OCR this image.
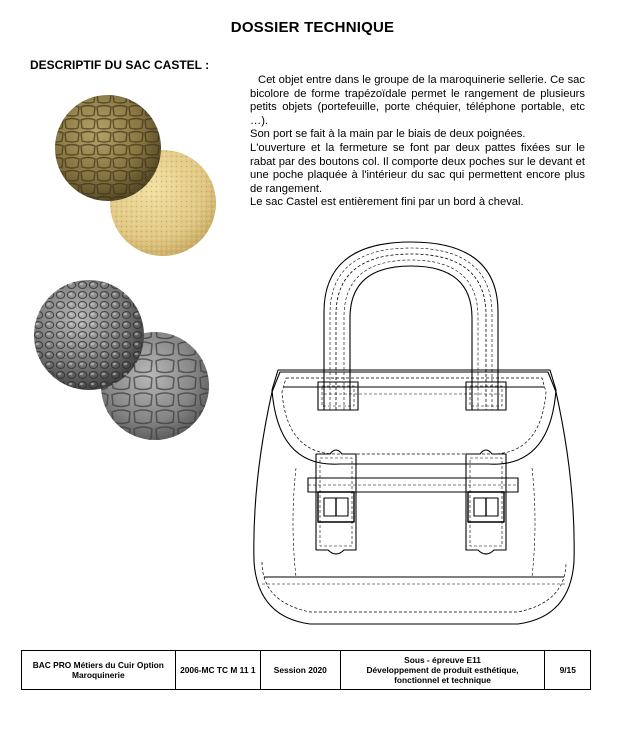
DOSSIER TECHNIQUE
DESCRIPTIF DU SAC CASTEL :

Cet objet entre dans le groupe de la maroquinerie sellerie. Ce sac bicolore de forme trapézoïdale permet le rangement de plusieurs petits objets (portefeuille, porte chéquier, téléphone portable, etc …).

Son port se fait à la main par le biais de deux poignées.

L'ouverture et la fermeture se font par deux pattes fixées sur le rabat par des boutons col. Il comporte deux poches sur le devant et une poche plaquée à l'intérieur du sac qui permettent encore plus de rangement.

Le sac Castel est entièrement fini par un bord à cheval.

BAC PRO Métiers du Cuir Option
Maroquinerie	2006-MC TC M 11 1	Session 2020	
Sous - épreuve E11
Développement de produit esthétique,
fonctionnel et technique
	9/15
